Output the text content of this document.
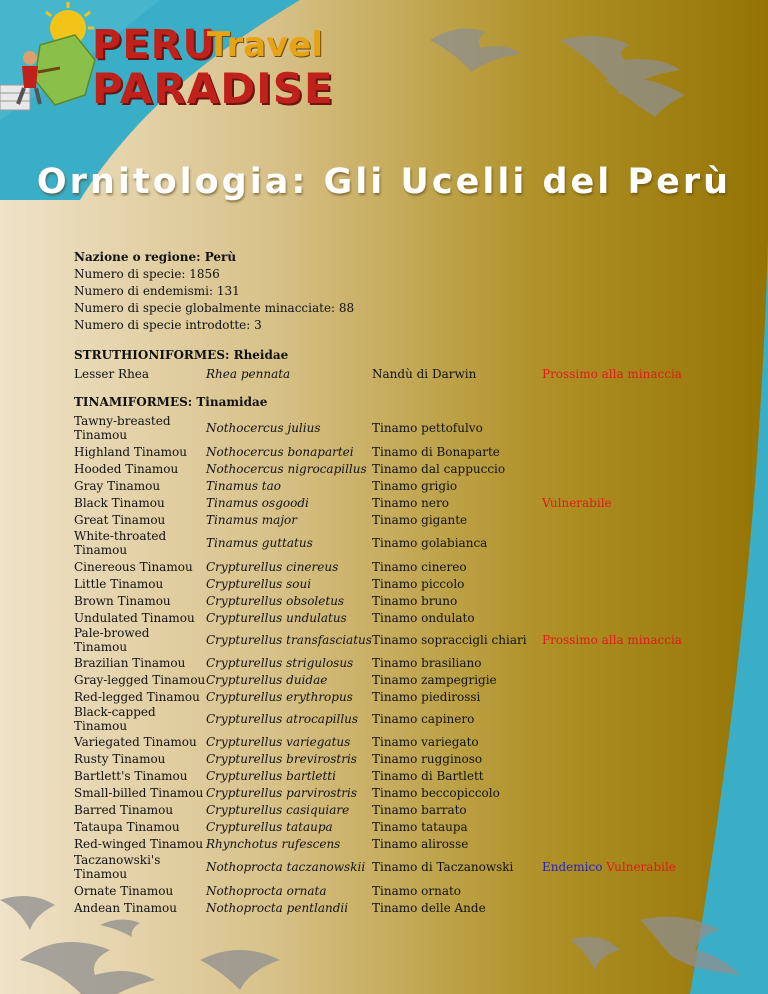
PERU
Travel
PARADISE
Ornitologia: Gli Ucelli del Perù
Nazione o regione: Perù
Numero di specie: 1856
Numero di endemismi: 131
Numero di specie globalmente minacciate: 88
Numero di specie introdotte: 3
STRUTHIONIFORMES: Rheidae
Lesser Rhea	Rhea pennata	Nandù di Darwin	Prossimo alla minaccia
TINAMIFORMES: Tinamidae
Tawny-breasted Tinamou	Nothocercus julius	Tinamo pettofulvo	
Highland Tinamou	Nothocercus bonapartei	Tinamo di Bonaparte	
Hooded Tinamou	Nothocercus nigrocapillus	Tinamo dal cappuccio	
Gray Tinamou	Tinamus tao	Tinamo grigio	
Black Tinamou	Tinamus osgoodi	Tinamo nero	Vulnerabile
Great Tinamou	Tinamus major	Tinamo gigante	
White-throated Tinamou	Tinamus guttatus	Tinamo golabianca	
Cinereous Tinamou	Crypturellus cinereus	Tinamo cinereo	
Little Tinamou	Crypturellus soui	Tinamo piccolo	
Brown Tinamou	Crypturellus obsoletus	Tinamo bruno	
Undulated Tinamou	Crypturellus undulatus	Tinamo ondulato	
Pale-browed Tinamou	Crypturellus transfasciatus	Tinamo sopraccigli chiari	Prossimo alla minaccia
Brazilian Tinamou	Crypturellus strigulosus	Tinamo brasiliano	
Gray-legged Tinamou	Crypturellus duidae	Tinamo zampegrigie	
Red-legged Tinamou	Crypturellus erythropus	Tinamo piedirossi	
Black-capped Tinamou	Crypturellus atrocapillus	Tinamo capinero	
Variegated Tinamou	Crypturellus variegatus	Tinamo variegato	
Rusty Tinamou	Crypturellus brevirostris	Tinamo rugginoso	
Bartlett's Tinamou	Crypturellus bartletti	Tinamo di Bartlett	
Small-billed Tinamou	Crypturellus parvirostris	Tinamo beccopiccolo	
Barred Tinamou	Crypturellus casiquiare	Tinamo barrato	
Tataupa Tinamou	Crypturellus tataupa	Tinamo tataupa	
Red-winged Tinamou	Rhynchotus rufescens	Tinamo alirosse	
Taczanowski's Tinamou	Nothoprocta taczanowskii	Tinamo di Taczanowski	Endemico Vulnerabile
Ornate Tinamou	Nothoprocta ornata	Tinamo ornato	
Andean Tinamou	Nothoprocta pentlandii	Tinamo delle Ande	
